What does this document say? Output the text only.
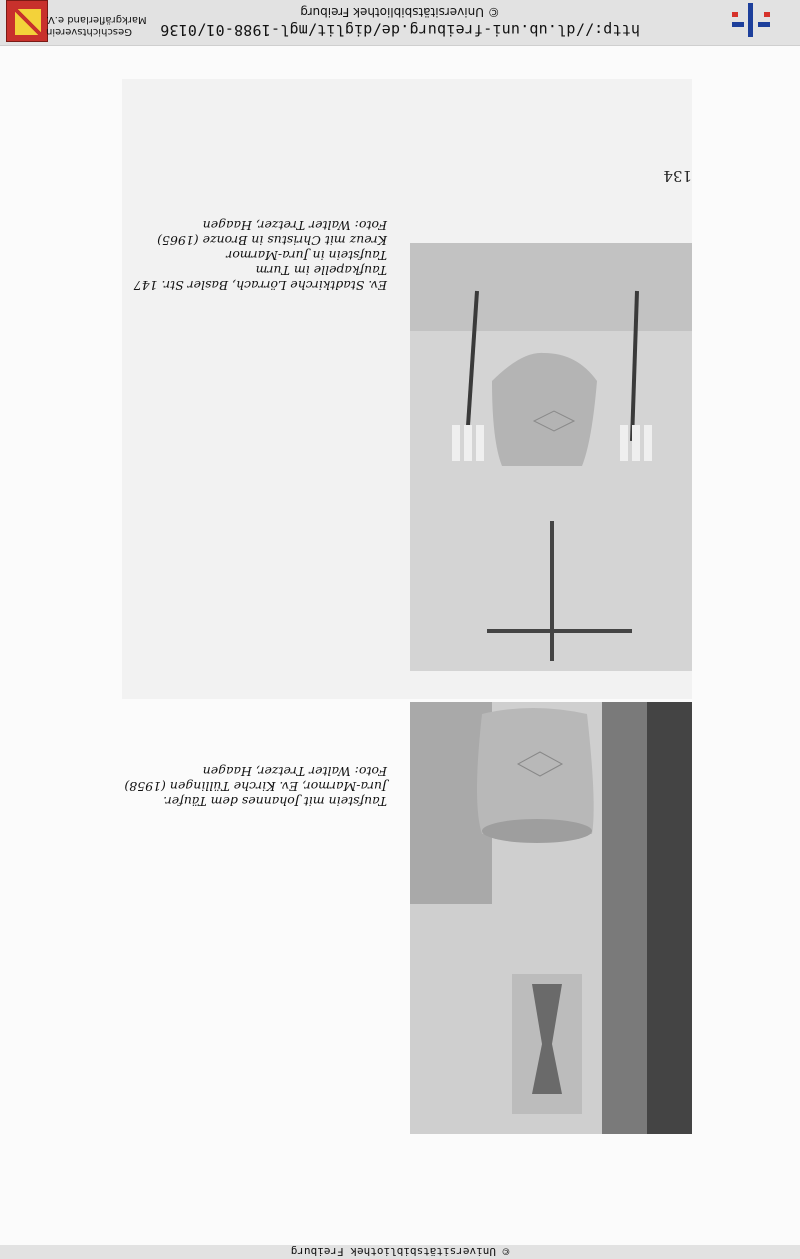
http://dl.ub.uni-freiburg.de/diglit/mgl-1988-01/0136
© Universitätsbibliothek Freiburg
Geschichtsverein
Markgräflerland e.V.
© Universitätsbibliothek Freiburg
134
Ev. Stadtkirche Lörrach, Basler Str. 147
Taufkapelle im Turm
Taufstein in Jura-Marmor
Kreuz mit Christus in Bronze (1965)
Foto: Walter Tretzer, Haagen
Taufstein mit Johannes dem Täufer.
Jura-Marmor, Ev. Kirche Tüllingen (1958)
Foto: Walter Tretzer, Haagen
